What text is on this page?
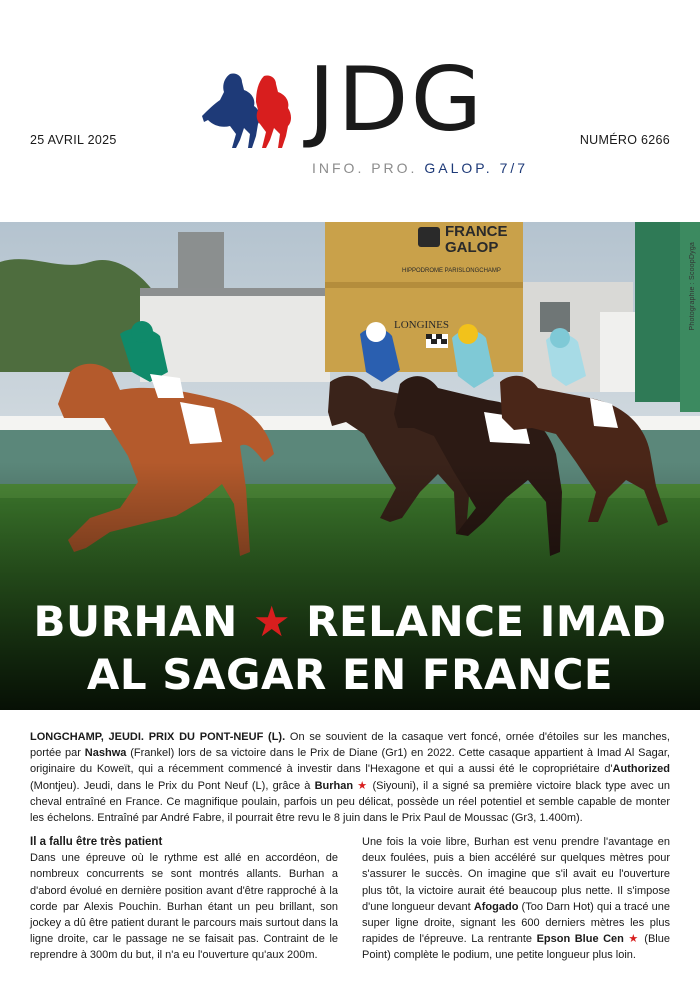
25 AVRIL 2025 JDG
INFO. PRO. GALOP. 7/7
NUMÉRO 6266
FRANCE
GALOP
HIPPODROME PARISLONGCHAMP
LONGINES	Photographie : ScoopDyga
BURHAN ★ RELANCE IMAD
AL SAGAR EN FRANCE
LONGCHAMP, JEUDI. PRIX DU PONT-NEUF (L). On se souvient de la casaque vert foncé, ornée d'étoiles sur les manches, portée par Nashwa (Frankel) lors de sa victoire dans le Prix de Diane (Gr1) en 2022. Cette casaque appartient à Imad Al Sagar, originaire du Koweït, qui a récemment commencé à investir dans l'Hexagone et qui a aussi été le copropriétaire d'Authorized (Montjeu). Jeudi, dans le Prix du Pont Neuf (L), grâce à Burhan ★ (Siyouni), il a signé sa première victoire black type avec un cheval entraîné en France. Ce magnifique poulain, parfois un peu délicat, possède un réel potentiel et semble capable de monter les échelons. Entraîné par André Fabre, il pourrait être revu le 8 juin dans le Prix Paul de Moussac (Gr3, 1.400m).
Il a fallu être très patient
Dans une épreuve où le rythme est allé en accordéon, de nombreux concurrents se sont montrés allants. Burhan a d'abord évolué en dernière position avant d'être rapproché à la corde par Alexis Pouchin. Burhan étant un peu brillant, son jockey a dû être patient durant le parcours mais surtout dans la ligne droite, car le passage ne se faisait pas. Contraint de le reprendre à 300m du but, il n'a eu l'ouverture qu'aux 200m.
Une fois la voie libre, Burhan est venu prendre l'avantage en deux foulées, puis a bien accéléré sur quelques mètres pour s'assurer le succès. On imagine que s'il avait eu l'ouverture plus tôt, la victoire aurait été beaucoup plus nette. Il s'impose d'une longueur devant Afogado (Too Darn Hot) qui a tracé une super ligne droite, signant les 600 derniers mètres les plus rapides de l'épreuve. La rentrante Epson Blue Cen ★ (Blue Point) complète le podium, une petite longueur plus loin.
